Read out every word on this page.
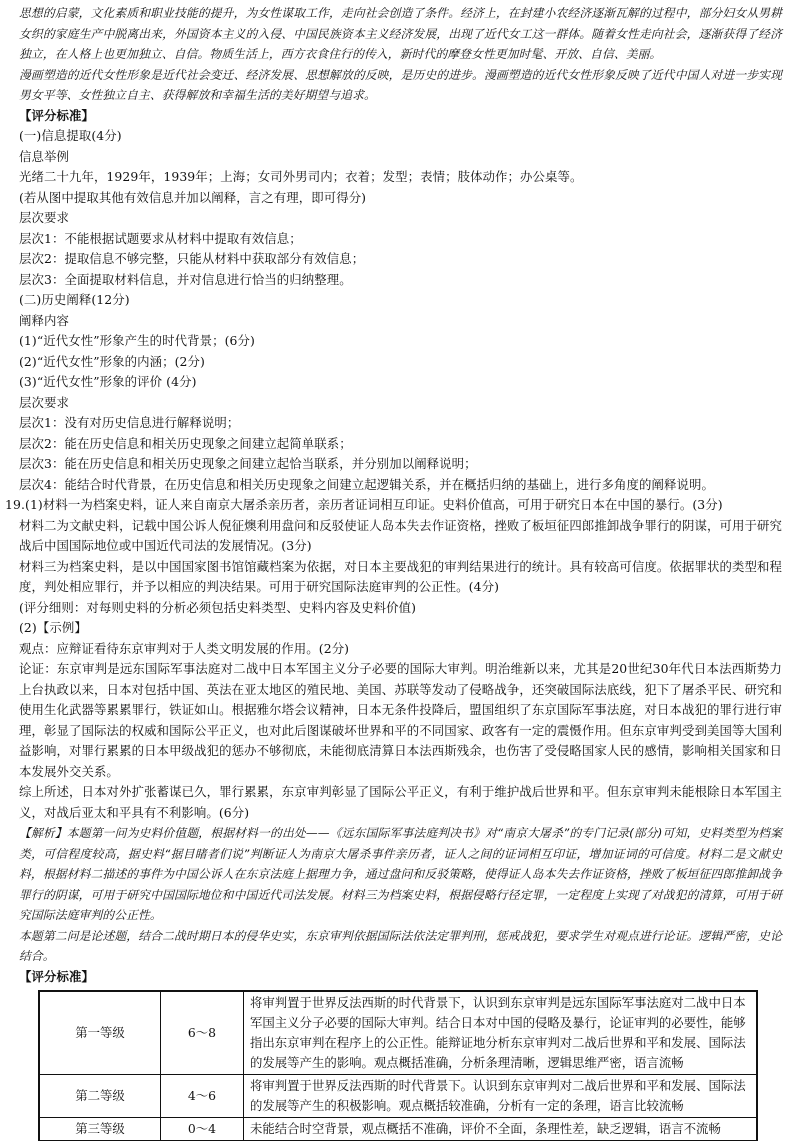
思想的启蒙，文化素质和职业技能的提升，为女性谋取工作，走向社会创造了条件。经济上，在封建小农经济逐渐瓦解的过程中，部分妇女从男耕女织的家庭生产中脱离出来，外国资本主义的入侵、中国民族资本主义经济发展，出现了近代女工这一群体。随着女性走向社会，逐渐获得了经济独立，在人格上也更加独立、自信。物质生活上，西方衣食住行的传入，新时代的摩登女性更加时髦、开放、自信、美丽。

漫画塑造的近代女性形象是近代社会变迁、经济发展、思想解放的反映，是历史的进步。漫画塑造的近代女性形象反映了近代中国人对进一步实现男女平等、女性独立自主、获得解放和幸福生活的美好期望与追求。

【评分标准】

(一)信息提取(4分)

信息举例

光绪二十九年，1929年，1939年；上海；女司外男司内；衣着；发型；表情；肢体动作；办公桌等。

(若从图中提取其他有效信息并加以阐释，言之有理，即可得分)

层次要求

层次1：不能根据试题要求从材料中提取有效信息；

层次2：提取信息不够完整，只能从材料中获取部分有效信息；

层次3：全面提取材料信息，并对信息进行恰当的归纳整理。

(二)历史阐释(12分)

阐释内容

(1)“近代女性”形象产生的时代背景；(6分)

(2)“近代女性”形象的内涵；(2分)

(3)“近代女性”形象的评价 (4分)

层次要求

层次1：没有对历史信息进行解释说明；

层次2：能在历史信息和相关历史现象之间建立起简单联系；

层次3：能在历史信息和相关历史现象之间建立起恰当联系，并分别加以阐释说明；

层次4：能结合时代背景，在历史信息和相关历史现象之间建立起逻辑关系，并在概括归纳的基础上，进行多角度的阐释说明。

19.(1)材料一为档案史料，证人来自南京大屠杀亲历者，亲历者证词相互印证。史料价值高，可用于研究日本在中国的暴行。(3分)

材料二为文献史料，记载中国公诉人倪征燠利用盘问和反驳使证人岛本失去作证资格，挫败了板垣征四郎推卸战争罪行的阴谋，可用于研究战后中国国际地位或中国近代司法的发展情况。(3分)

材料三为档案史料，是以中国国家图书馆馆藏档案为依据，对日本主要战犯的审判结果进行的统计。具有较高可信度。依据罪状的类型和程度，判处相应罪行，并予以相应的判决结果。可用于研究国际法庭审判的公正性。(4分)

(评分细则：对每则史料的分析必须包括史料类型、史料内容及史料价值)

(2)【示例】

观点：应辩证看待东京审判对于人类文明发展的作用。(2分)

论证：东京审判是远东国际军事法庭对二战中日本军国主义分子必要的国际大审判。明治维新以来，尤其是20世纪30年代日本法西斯势力上台执政以来，日本对包括中国、英法在亚太地区的殖民地、美国、苏联等发动了侵略战争，还突破国际法底线，犯下了屠杀平民、研究和使用生化武器等累累罪行，铁证如山。根据雅尔塔会议精神，日本无条件投降后，盟国组织了东京国际军事法庭，对日本战犯的罪行进行审理，彰显了国际法的权威和国际公平正义，也对此后图谋破坏世界和平的不同国家、政客有一定的震慑作用。但东京审判受到美国等大国利益影响，对罪行累累的日本甲级战犯的惩办不够彻底，未能彻底清算日本法西斯残余，也伤害了受侵略国家人民的感情，影响相关国家和日本发展外交关系。

综上所述，日本对外扩张蓄谋已久，罪行累累，东京审判彰显了国际公平正义，有利于维护战后世界和平。但东京审判未能根除日本军国主义，对战后亚太和平具有不利影响。(6分)

【解析】本题第一问为史料价值题，根据材料一的出处——《远东国际军事法庭判决书》对“南京大屠杀”的专门记录(部分)可知，史料类型为档案类，可信程度较高，据史料“据目睹者们说”判断证人为南京大屠杀事件亲历者，证人之间的证词相互印证，增加证词的可信度。材料二是文献史料，根据材料二描述的事件为中国公诉人在东京法庭上据理力争，通过盘问和反驳策略，使得证人岛本失去作证资格，挫败了板垣征四郎推卸战争罪行的阴谋，可用于研究中国国际地位和中国近代司法发展。材料三为档案史料，根据侵略行径定罪，一定程度上实现了对战犯的清算，可用于研究国际法庭审判的公正性。

本题第二问是论述题，结合二战时期日本的侵华史实，东京审判依据国际法依法定罪判刑，惩戒战犯，要求学生对观点进行论证。逻辑严密，史论结合。

【评分标准】

第一等级	6～8	将审判置于世界反法西斯的时代背景下，认识到东京审判是远东国际军事法庭对二战中日本军国主义分子必要的国际大审判。结合日本对中国的侵略及暴行，论证审判的必要性，能够指出东京审判在程序上的公正性。能辩证地分析东京审判对二战后世界和平和发展、国际法的发展等产生的影响。观点概括准确，分析条理清晰，逻辑思维严密，语言流畅
第二等级	4～6	将审判置于世界反法西斯的时代背景下。认识到东京审判对二战后世界和平和发展、国际法的发展等产生的积极影响。观点概括较准确，分析有一定的条理，语言比较流畅
第三等级	0～4	未能结合时空背景，观点概括不准确，评价不全面，条理性差，缺乏逻辑，语言不流畅
